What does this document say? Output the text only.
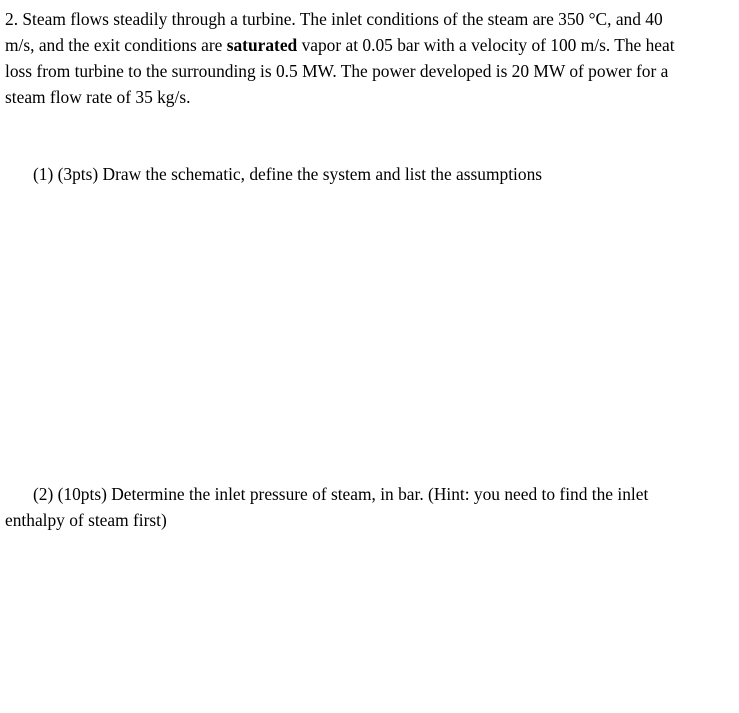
2. Steam flows steadily through a turbine. The inlet conditions of the steam are 350 °C, and 40
m/s, and the exit conditions are saturated vapor at 0.05 bar with a velocity of 100 m/s. The heat
loss from turbine to the surrounding is 0.5 MW. The power developed is 20 MW of power for a
steam flow rate of 35 kg/s.

(1) (3pts) Draw the schematic, define the system and list the assumptions

(2) (10pts) Determine the inlet pressure of steam, in bar. (Hint: you need to find the inlet
enthalpy of steam first)
